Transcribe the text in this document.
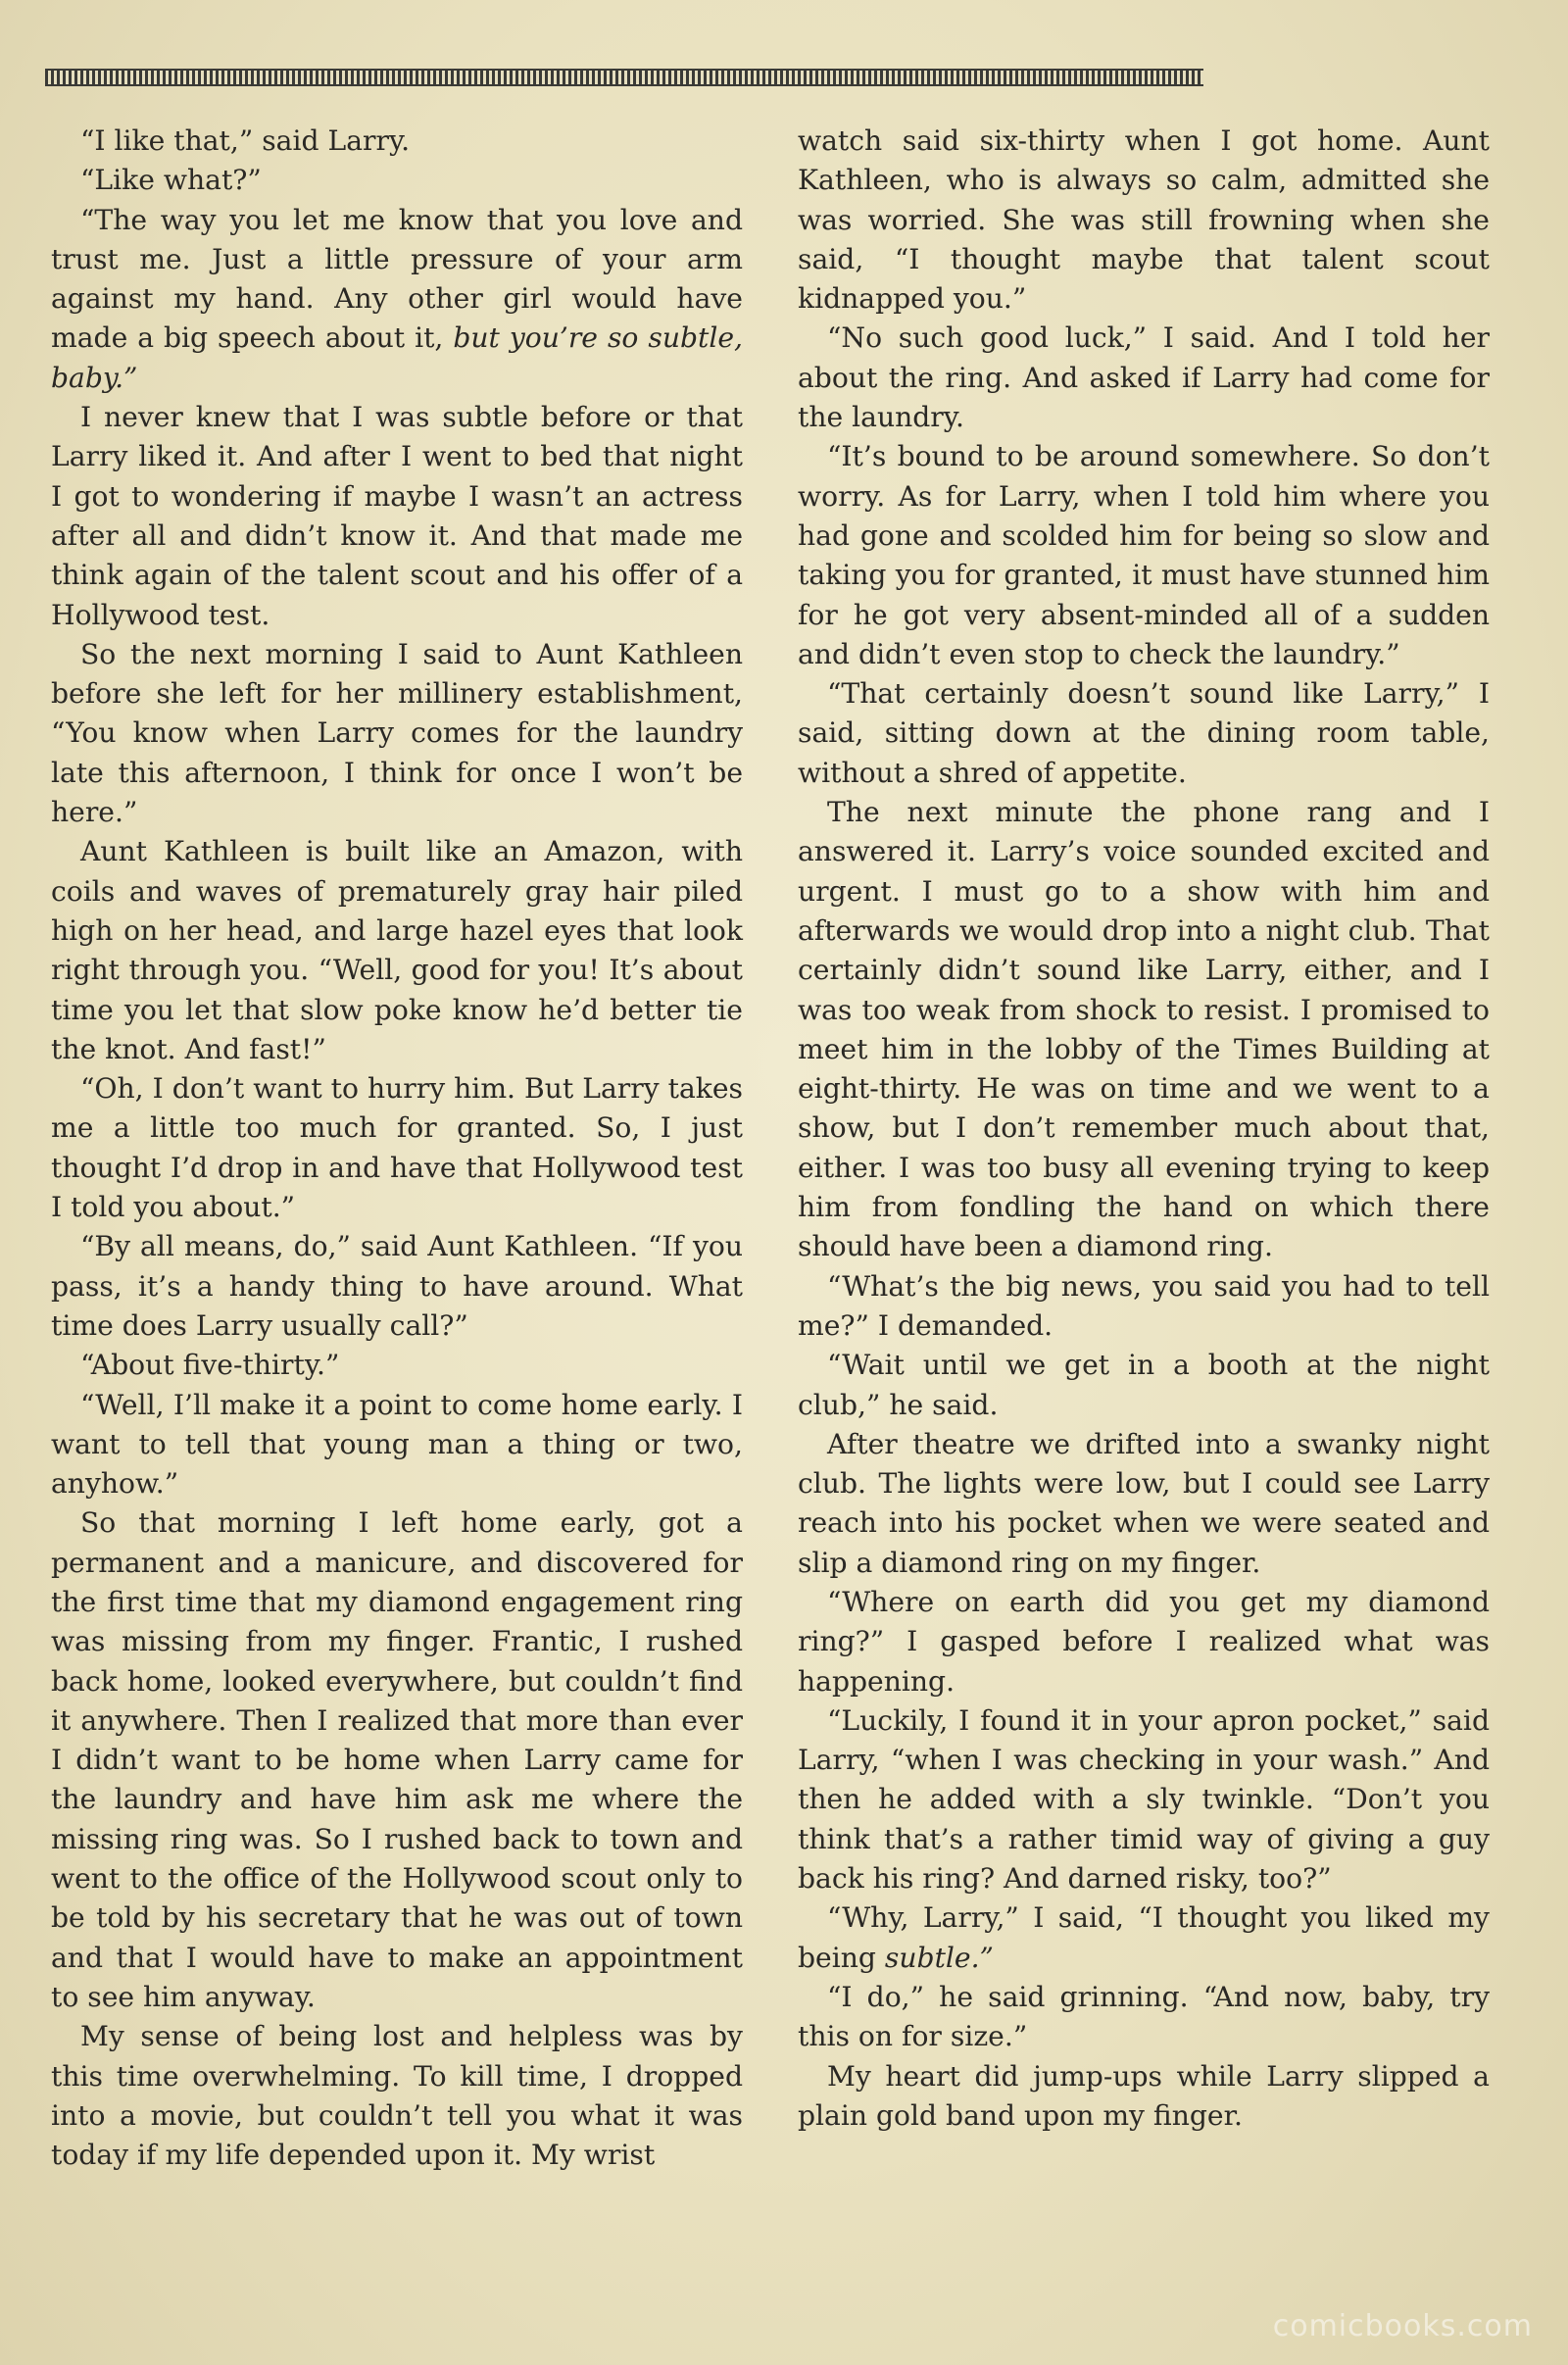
“I like that,” said Larry.

“Like what?”

“The way you let me know that you love and trust me. Just a little pressure of your arm against my hand. Any other girl would have made a big speech about it, but you’re so subtle, baby.”

I never knew that I was subtle before or that Larry liked it. And after I went to bed that night I got to wondering if maybe I wasn’t an actress after all and didn’t know it. And that made me think again of the talent scout and his offer of a Hollywood test.

So the next morning I said to Aunt Kathleen before she left for her millinery establishment, “You know when Larry comes for the laundry late this afternoon, I think for once I won’t be here.”

Aunt Kathleen is built like an Amazon, with coils and waves of prematurely gray hair piled high on her head, and large hazel eyes that look right through you. “Well, good for you! It’s about time you let that slow poke know he’d better tie the knot. And fast!”

“Oh, I don’t want to hurry him. But Larry takes me a little too much for granted. So, I just thought I’d drop in and have that Hollywood test I told you about.”

“By all means, do,” said Aunt Kathleen. “If you pass, it’s a handy thing to have around. What time does Larry usually call?”

“About five-thirty.”

“Well, I’ll make it a point to come home early. I want to tell that young man a thing or two, anyhow.”

So that morning I left home early, got a permanent and a manicure, and discovered for the first time that my diamond engagement ring was missing from my finger. Frantic, I rushed back home, looked everywhere, but couldn’t find it anywhere. Then I realized that more than ever I didn’t want to be home when Larry came for the laundry and have him ask me where the missing ring was. So I rushed back to town and went to the office of the Hollywood scout only to be told by his secretary that he was out of town and that I would have to make an appointment to see him anyway.

My sense of being lost and helpless was by this time overwhelming. To kill time, I dropped into a movie, but couldn’t tell you what it was today if my life depended upon it. My wrist

watch said six-thirty when I got home. Aunt Kathleen, who is always so calm, admitted she was worried. She was still frowning when she said, “I thought maybe that talent scout kidnapped you.”

“No such good luck,” I said. And I told her about the ring. And asked if Larry had come for the laundry.

“It’s bound to be around somewhere. So don’t worry. As for Larry, when I told him where you had gone and scolded him for being so slow and taking you for granted, it must have stunned him for he got very absent-minded all of a sudden and didn’t even stop to check the laundry.”

“That certainly doesn’t sound like Larry,” I said, sitting down at the dining room table, without a shred of appetite.

The next minute the phone rang and I answered it. Larry’s voice sounded excited and urgent. I must go to a show with him and afterwards we would drop into a night club. That certainly didn’t sound like Larry, either, and I was too weak from shock to resist. I promised to meet him in the lobby of the Times Building at eight-thirty. He was on time and we went to a show, but I don’t remember much about that, either. I was too busy all evening trying to keep him from fondling the hand on which there should have been a diamond ring.

“What’s the big news, you said you had to tell me?” I demanded.

“Wait until we get in a booth at the night club,” he said.

After theatre we drifted into a swanky night club. The lights were low, but I could see Larry reach into his pocket when we were seated and slip a diamond ring on my finger.

“Where on earth did you get my diamond ring?” I gasped before I realized what was happening.

“Luckily, I found it in your apron pocket,” said Larry, “when I was checking in your wash.” And then he added with a sly twinkle. “Don’t you think that’s a rather timid way of giving a guy back his ring? And darned risky, too?”

“Why, Larry,” I said, “I thought you liked my being subtle.”

“I do,” he said grinning. “And now, baby, try this on for size.”

My heart did jump-ups while Larry slipped a plain gold band upon my finger.

comicbooks.com
